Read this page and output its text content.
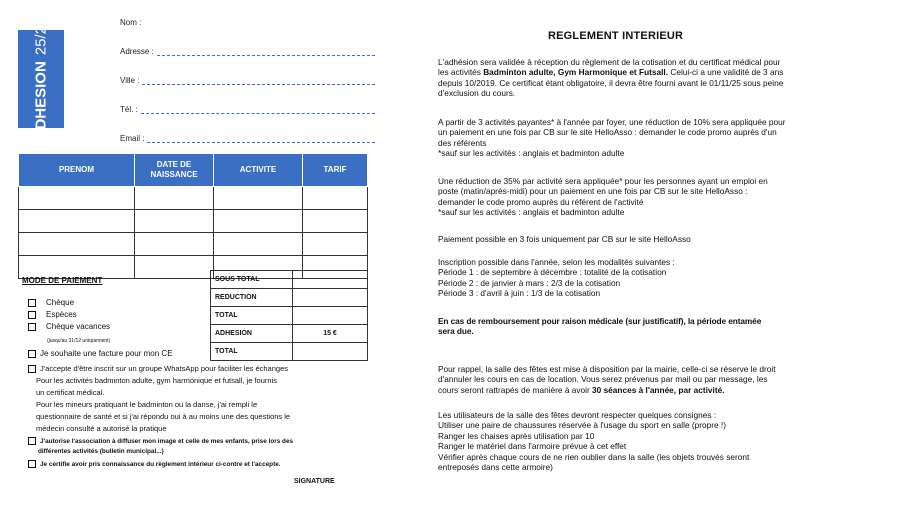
ADHESION25/26	Nom :
Adresse :
Ville :
Tél. :
Email :
PRENOM	DATE DE NAISSANCE	ACTIVITE	TARIF

MODE DE PAIEMENT
Chèque
Espèces
Chèque vacances
(jusqu'au 31/12 uniquement)
Je souhaite une facture pour mon CE
SOUS TOTAL	
REDUCTION	
TOTAL	
ADHESION	15 €
TOTAL	
J'accepte d'être inscrit sur un groupe WhatsApp pour faciliter les échanges
Pour les activités badminton adulte, gym harmonique et futsall, je fournis
un certificat médical.
Pour les mineurs pratiquant le badminton ou la danse, j'ai rempli le
questionnaire de santé et si j'ai répondu oui à au moins une des questions le
médecin consulté a autorisé la pratique
J'autorise l'association à diffuser mon image et celle de mes enfants, prise lors des
différentes activités (bulletin municipal...)
Je certifie avoir pris connaissance du règlement intérieur ci-contre et l'accepte.
SIGNATURE
REGLEMENT INTERIEUR
L'adhésion sera validée à réception du règlement de la cotisation et du certificat médical pour
les activités Badminton adulte, Gym Harmonique et Futsall. Celui-ci a une validité de 3 ans
depuis 10/2019. Ce certificat étant obligatoire, il devra être fourni avant le 01/11/25 sous peine
d'exclusion du cours.
A partir de 3 activités payantes* à l'année par foyer, une réduction de 10% sera appliquée pour
un paiement en une fois par CB sur le site HelloAsso : demander le code promo auprès d'un
des référents
*sauf sur les activités : anglais et badminton adulte
Une réduction de 35% par activité sera appliquée* pour les personnes ayant un emploi en
poste (matin/après-midi) pour un paiement en une fois par CB sur le site HelloAsso :
demander le code promo auprès du référent de l'activité
*sauf sur les activités : anglais et badminton adulte
Paiement possible en 3 fois uniquement par CB sur le site HelloAsso
Inscription possible dans l'année, selon les modalités suivantes :
Période 1 : de septembre à décembre : totalité de la cotisation
Période 2 : de janvier à mars : 2/3 de la cotisation
Période 3 : d'avril à juin : 1/3 de la cotisation
En cas de remboursement pour raison médicale (sur justificatif), la période entamée
sera due.
Pour rappel, la salle des fêtes est mise à disposition par la mairie, celle-ci se réserve le droit
d'annuler les cours en cas de location. Vous serez prévenus par mail ou par message, les
cours seront rattrapés de manière à avoir 30 séances à l'année, par activité.
Les utilisateurs de la salle des fêtes devront respecter quelques consignes :
Utiliser une paire de chaussures réservée à l'usage du sport en salle (propre !)
Ranger les chaises après utilisation par 10
Ranger le matériel dans l'armoire prévue à cet effet
Vérifier après chaque cours de ne rien oublier dans la salle (les objets trouvés seront
entreposés dans cette armoire)
